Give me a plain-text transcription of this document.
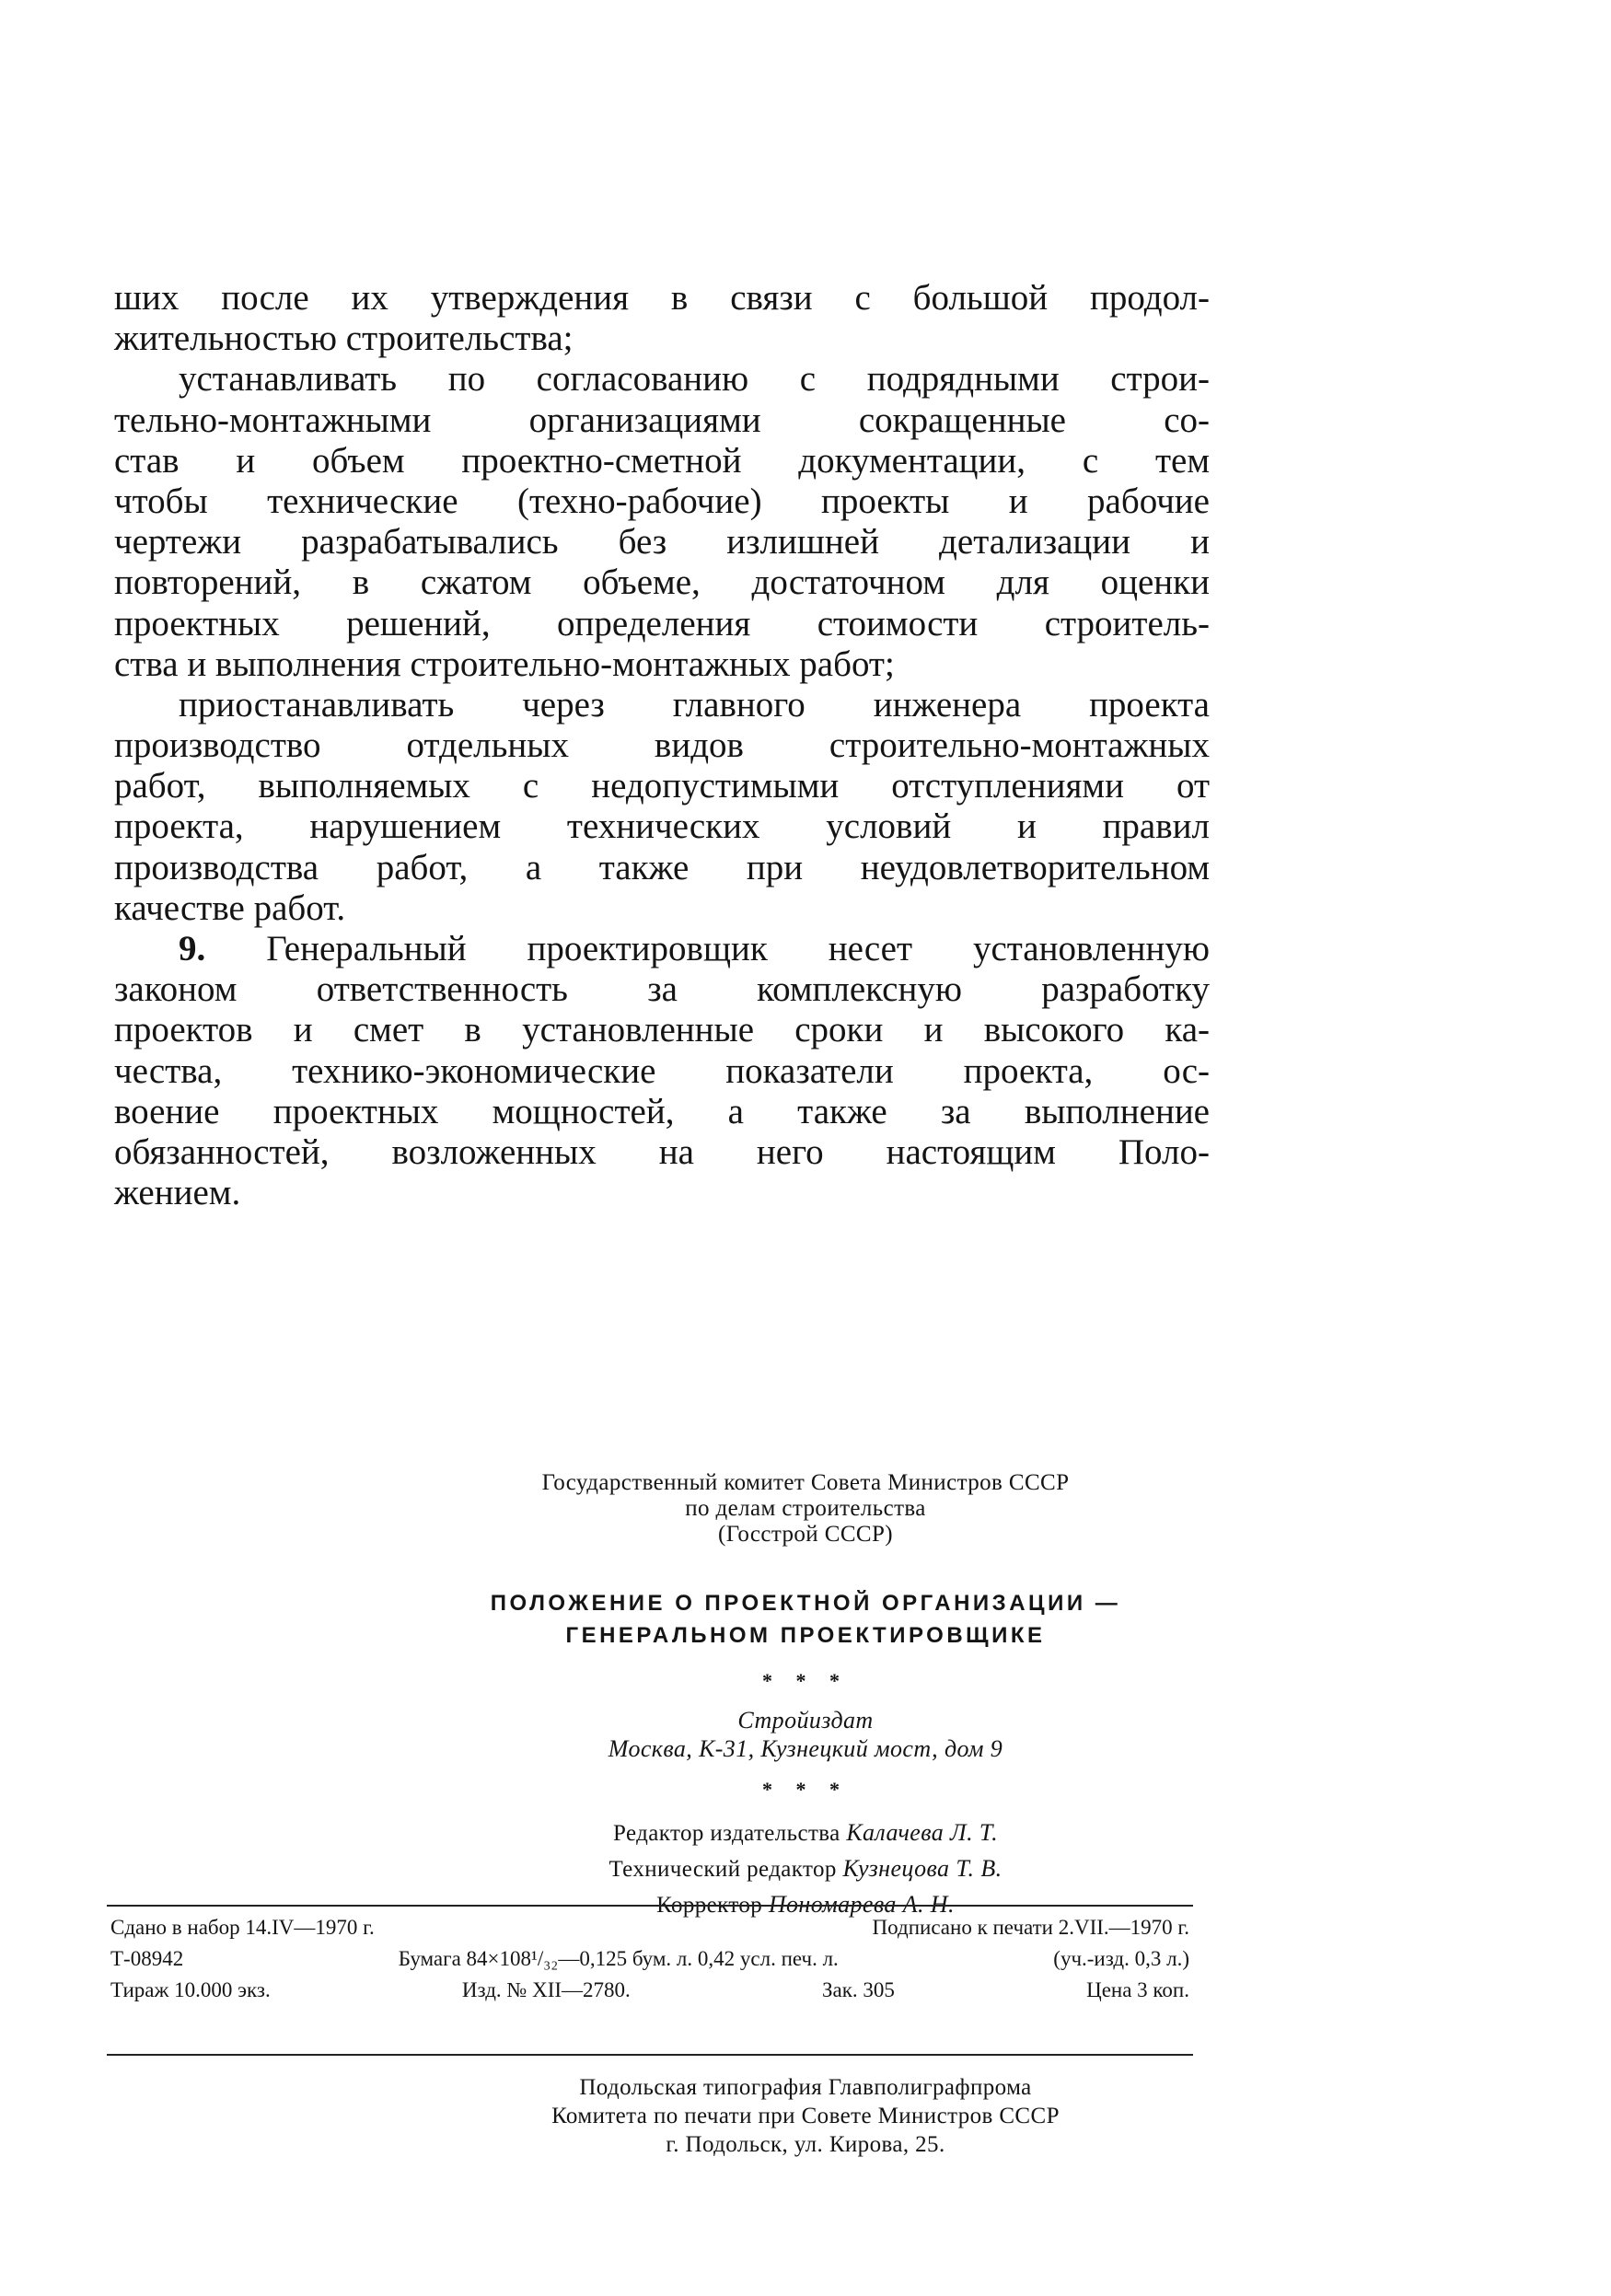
ших после их утверждения в связи с большой продол-
жительностью строительства;
устанавливать по согласованию с подрядными строи-
тельно-монтажными организациями сокращенные со-
став и объем проектно-сметной документации, с тем
чтобы технические (техно-рабочие) проекты и рабочие
чертежи разрабатывались без излишней детализации и
повторений, в сжатом объеме, достаточном для оценки
проектных решений, определения стоимости строитель-
ства и выполнения строительно-монтажных работ;
приостанавливать через главного инженера проекта
производство отдельных видов строительно-монтажных
работ, выполняемых с недопустимыми отступлениями от
проекта, нарушением технических условий и правил
производства работ, а также при неудовлетворительном
качестве работ.
9. Генеральный проектировщик несет установленную
законом ответственность за комплексную разработку
проектов и смет в установленные сроки и высокого ка-
чества, технико-экономические показатели проекта, ос-
воение проектных мощностей, а также за выполнение
обязанностей, возложенных на него настоящим Поло-
жением.
Государственный комитет Совета Министров СССР
по делам строительства
(Госстрой СССР)
ПОЛОЖЕНИЕ О ПРОЕКТНОЙ ОРГАНИЗАЦИИ —
ГЕНЕРАЛЬНОМ ПРОЕКТИРОВЩИКЕ
* * *
Стройиздат
Москва, К-31, Кузнецкий мост, дом 9
* * *
Редактор издательства Калачева Л. Т.
Технический редактор Кузнецова Т. В.
Корректор Пономарева А. Н.
Сдано в набор 14.IV—1970 г.	Подписано к печати 2.VII.—1970 г.
Т-08942	Бумага 84×108¹/₃₂—0,125 бум. л. 0,42 усл. печ. л.	(уч.-изд. 0,3 л.)
Тираж 10.000 экз.	Изд. № XII—2780.	Зак. 305	Цена 3 коп.
Подольская типография Главполиграфпрома
Комитета по печати при Совете Министров СССР
г. Подольск, ул. Кирова, 25.
